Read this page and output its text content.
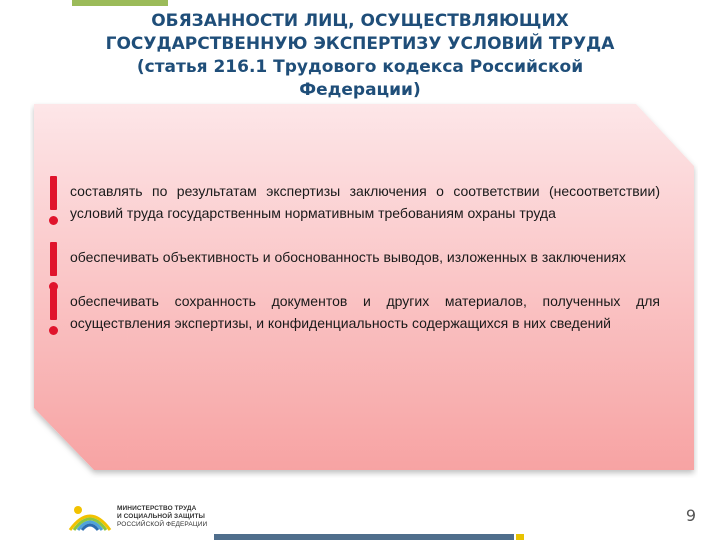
ОБЯЗАННОСТИ ЛИЦ, ОСУЩЕСТВЛЯЮЩИХ
ГОСУДАРСТВЕННУЮ ЭКСПЕРТИЗУ УСЛОВИЙ ТРУДА
(статья 216.1 Трудового кодекса Российской
Федерации)

составлять по результатам экспертизы заключения о соответствии (несоответствии) условий труда государственным нормативным требованиям охраны труда

обеспечивать объективность и обоснованность выводов, изложенных в заключениях

обеспечивать сохранность документов и других материалов, полученных для осуществления экспертизы, и конфиденциальность содержащихся в них сведений

МИНИСТЕРСТВО ТРУДА
И СОЦИАЛЬНОЙ ЗАЩИТЫ
РОССИЙСКОЙ ФЕДЕРАЦИИ	9
